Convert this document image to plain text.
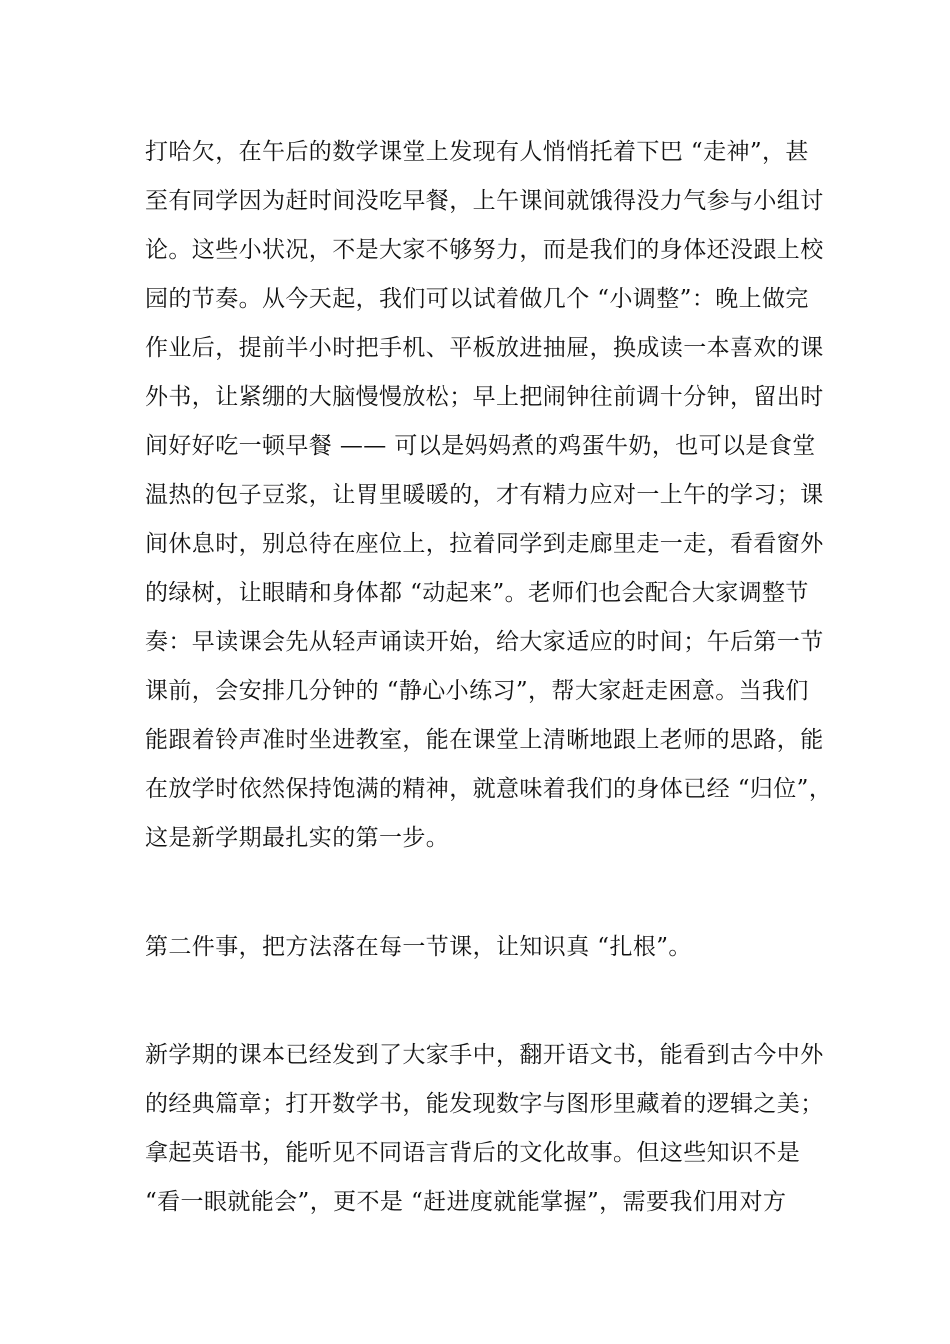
打哈欠，在午后的数学课堂上发现有人悄悄托着下巴 “走神”，甚
至有同学因为赶时间没吃早餐，上午课间就饿得没力气参与小组讨
论。这些小状况，不是大家不够努力，而是我们的身体还没跟上校
园的节奏。从今天起，我们可以试着做几个 “小调整”：晚上做完
作业后，提前半小时把手机、平板放进抽屉，换成读一本喜欢的课
外书，让紧绷的大脑慢慢放松；早上把闹钟往前调十分钟，留出时
间好好吃一顿早餐 —— 可以是妈妈煮的鸡蛋牛奶，也可以是食堂
温热的包子豆浆，让胃里暖暖的，才有精力应对一上午的学习；课
间休息时，别总待在座位上，拉着同学到走廊里走一走，看看窗外
的绿树，让眼睛和身体都 “动起来”。老师们也会配合大家调整节
奏：早读课会先从轻声诵读开始，给大家适应的时间；午后第一节
课前，会安排几分钟的 “静心小练习”，帮大家赶走困意。当我们
能跟着铃声准时坐进教室，能在课堂上清晰地跟上老师的思路，能
在放学时依然保持饱满的精神，就意味着我们的身体已经 “归位”，
这是新学期最扎实的第一步。
第二件事，把方法落在每一节课，让知识真 “扎根”。
新学期的课本已经发到了大家手中，翻开语文书，能看到古今中外
的经典篇章；打开数学书，能发现数字与图形里藏着的逻辑之美；
拿起英语书，能听见不同语言背后的文化故事。但这些知识不是
“看一眼就能会”，更不是 “赶进度就能掌握”，需要我们用对方
